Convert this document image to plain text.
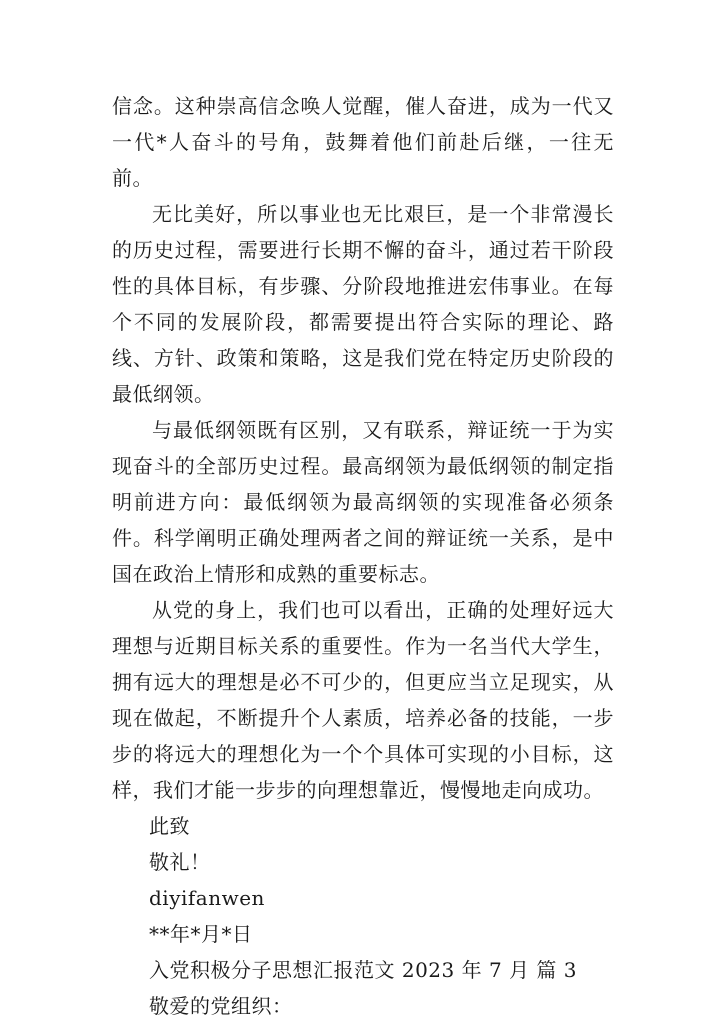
信念。这种崇高信念唤人觉醒，催人奋进，成为一代又一代*人奋斗的号角，鼓舞着他们前赴后继，一往无前。

无比美好，所以事业也无比艰巨，是一个非常漫长的历史过程，需要进行长期不懈的奋斗，通过若干阶段性的具体目标，有步骤、分阶段地推进宏伟事业。在每个不同的发展阶段，都需要提出符合实际的理论、路线、方针、政策和策略，这是我们党在特定历史阶段的最低纲领。

与最低纲领既有区别，又有联系，辩证统一于为实现奋斗的全部历史过程。最高纲领为最低纲领的制定指明前进方向：最低纲领为最高纲领的实现准备必须条件。科学阐明正确处理两者之间的辩证统一关系，是中国在政治上情形和成熟的重要标志。

从党的身上，我们也可以看出，正确的处理好远大理想与近期目标关系的重要性。作为一名当代大学生，拥有远大的理想是必不可少的，但更应当立足现实，从现在做起，不断提升个人素质，培养必备的技能，一步步的将远大的理想化为一个个具体可实现的小目标，这样，我们才能一步步的向理想靠近，慢慢地走向成功。

此致
敬礼！
diyifanwen
**年*月*日
入党积极分子思想汇报范文 2023 年 7 月 篇 3
敬爱的党组织：
